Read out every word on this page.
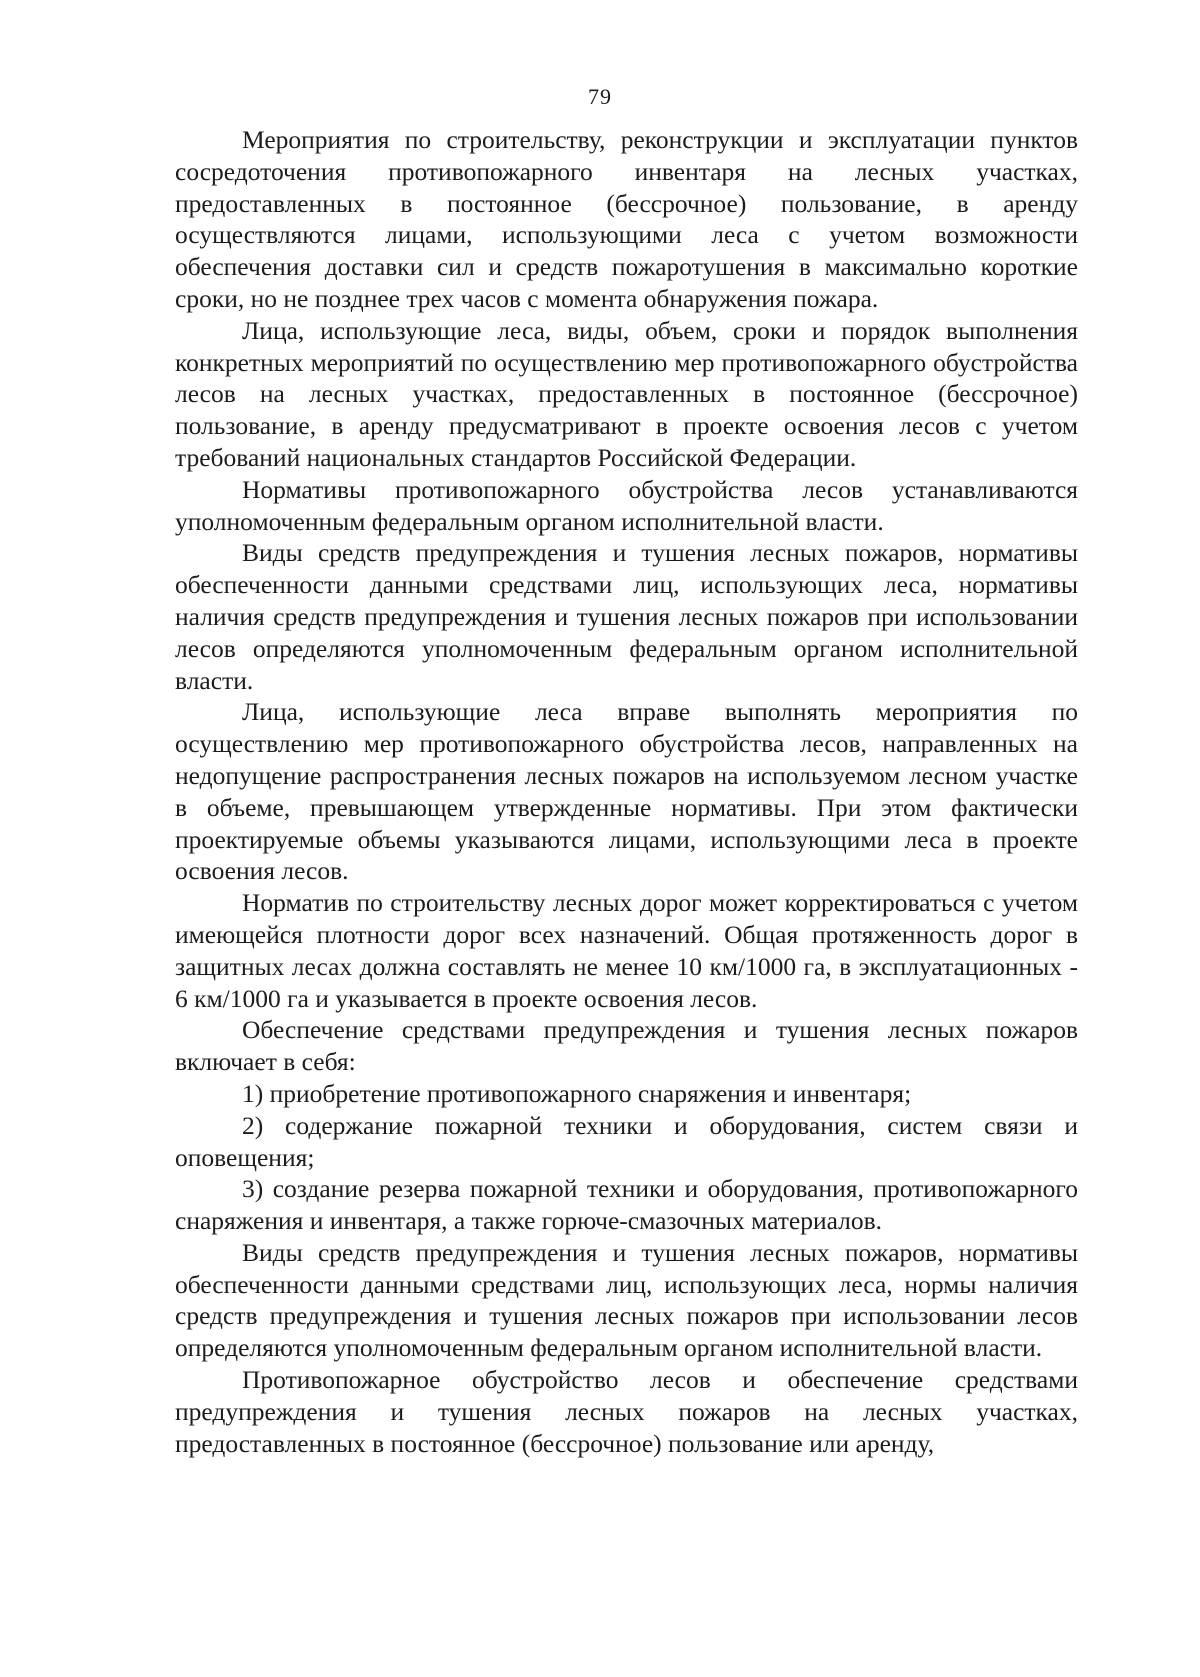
79

Мероприятия по строительству, реконструкции и эксплуатации пунктов сосредоточения противопожарного инвентаря на лесных участках, предоставленных в постоянное (бессрочное) пользование, в аренду осуществляются лицами, использующими леса с учетом возможности обеспечения доставки сил и средств пожаротушения в максимально короткие сроки, но не позднее трех часов с момента обнаружения пожара.

Лица, использующие леса, виды, объем, сроки и порядок выполнения конкретных мероприятий по осуществлению мер противопожарного обустройства лесов на лесных участках, предоставленных в постоянное (бессрочное) пользование, в аренду предусматривают в проекте освоения лесов с учетом требований национальных стандартов Российской Федерации.

Нормативы противопожарного обустройства лесов устанавливаются уполномоченным федеральным органом исполнительной власти.

Виды средств предупреждения и тушения лесных пожаров, нормативы обеспеченности данными средствами лиц, использующих леса, нормативы наличия средств предупреждения и тушения лесных пожаров при использовании лесов определяются уполномоченным федеральным органом исполнительной власти.

Лица, использующие леса вправе выполнять мероприятия по осуществлению мер противопожарного обустройства лесов, направленных на недопущение распространения лесных пожаров на используемом лесном участке в объеме, превышающем утвержденные нормативы. При этом фактически проектируемые объемы указываются лицами, использующими леса в проекте освоения лесов.

Норматив по строительству лесных дорог может корректироваться с учетом имеющейся плотности дорог всех назначений. Общая протяженность дорог в защитных лесах должна составлять не менее 10 км/1000 га, в эксплуатационных - 6 км/1000 га и указывается в проекте освоения лесов.

Обеспечение средствами предупреждения и тушения лесных пожаров включает в себя:

1) приобретение противопожарного снаряжения и инвентаря;

2) содержание пожарной техники и оборудования, систем связи и оповещения;

3) создание резерва пожарной техники и оборудования, противопожарного снаряжения и инвентаря, а также горюче-смазочных материалов.

Виды средств предупреждения и тушения лесных пожаров, нормативы обеспеченности данными средствами лиц, использующих леса, нормы наличия средств предупреждения и тушения лесных пожаров при использовании лесов определяются уполномоченным федеральным органом исполнительной власти.

Противопожарное обустройство лесов и обеспечение средствами предупреждения и тушения лесных пожаров на лесных участках, предоставленных в постоянное (бессрочное) пользование или аренду,
